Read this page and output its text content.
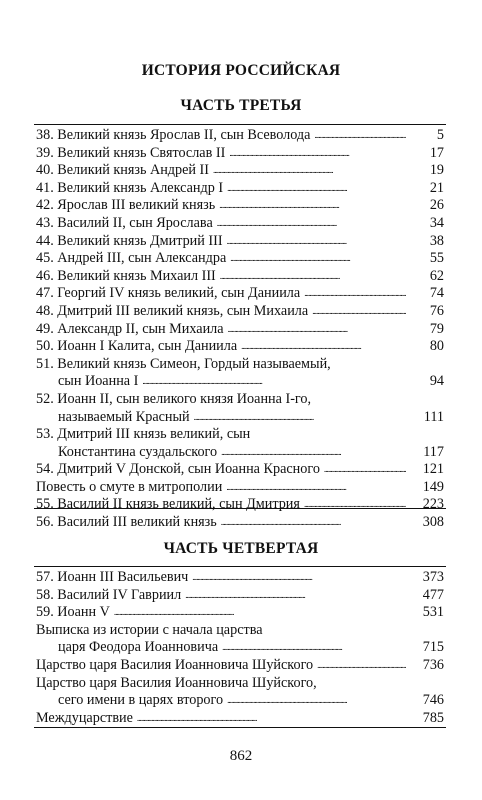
ИСТОРИЯ РОССИЙСКАЯ
ЧАСТЬ ТРЕТЬЯ
38. Великий князь Ярослав II, сын Всеволода . . .	5
39. Великий князь Святослав II . . .	17
40. Великий князь Андрей II . . .	19
41. Великий князь Александр I . . .	21
42. Ярослав III великий князь . . .	26
43. Василий II, сын Ярослава . . .	34
44. Великий князь Дмитрий III . . .	38
45. Андрей III, сын Александра . . .	55
46. Великий князь Михаил III . . .	62
47. Георгий IV князь великий, сын Даниила . . .	74
48. Дмитрий III великий князь, сын Михаила . . .	76
49. Александр II, сын Михаила . . .	79
50. Иоанн I Калита, сын Даниила . . .	80
51. Великий князь Симеон, Гордый называемый,
сын Иоанна I . . .	94
52. Иоанн II, сын великого князя Иоанна I-го,
называемый Красный . . .	111
53. Дмитрий III князь великий, сын
Константина суздальского . . .	117
54. Дмитрий V Донской, сын Иоанна Красного . . .	121
Повесть о смуте в митрополии . . .	149
55. Василий II князь великий, сын Дмитрия . . .	223
56. Василий III великий князь . . .	308
ЧАСТЬ ЧЕТВЕРТАЯ
57. Иоанн III Васильевич . . .	373
58. Василий IV Гавриил . . .	477
59. Иоанн V . . .	531
Выписка из истории с начала царства
царя Феодора Иоанновича . . .	715
Царство царя Василия Иоанновича Шуйского . . .	736
Царство царя Василия Иоанновича Шуйского,
сего имени в царях второго . . .	746
Междуцарствие . . .	785
862
